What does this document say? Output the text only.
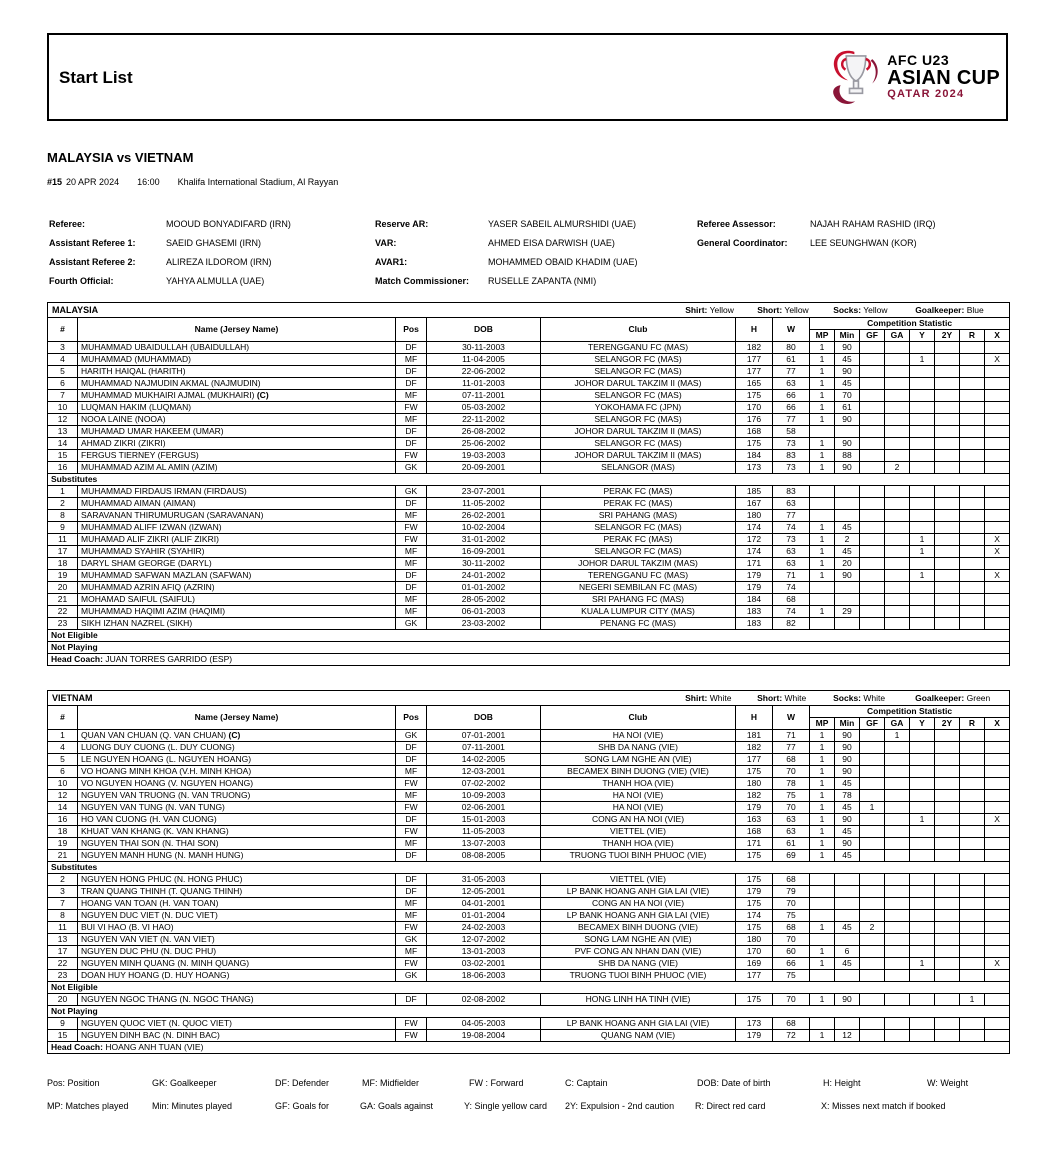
Start List
AFC U23
ASIAN CUP
QATAR 2024
MALAYSIA vs VIETNAM
#15 20 APR 2024 16:00 Khalifa International Stadium, Al Rayyan
Referee:	MOOUD BONYADIFARD (IRN)
Assistant Referee 1:	SAEID GHASEMI (IRN)
Assistant Referee 2:	ALIREZA ILDOROM (IRN)
Fourth Official:	YAHYA ALMULLA (UAE)
Reserve AR:	YASER SABEIL ALMURSHIDI (UAE)
VAR:	AHMED EISA DARWISH (UAE)
AVAR1:	MOHAMMED OBAID KHADIM (UAE)
Match Commissioner: RUSELLE ZAPANTA (NMI)
Referee Assessor:	NAJAH RAHAM RASHID (IRQ)
General Coordinator: LEE SEUNGHWAN (KOR)
MALAYSIA Shirt: Yellow Short: Yellow Socks: Yellow Goalkeeper: Blue														

#	Name (Jersey Name)	Pos	DOB	Club	H	W	Competition Statistic							
							MP	Min	GF	GA	Y	2Y	R	X
3	MUHAMMAD UBAIDULLAH (UBAIDULLAH)	DF	30-11-2003	TERENGGANU FC (MAS)	182	80	1	90						
4	MUHAMMAD (MUHAMMAD)	MF	11-04-2005	SELANGOR FC (MAS)	177	61	1	45			1			X
5	HARITH HAIQAL (HARITH)	DF	22-06-2002	SELANGOR FC (MAS)	177	77	1	90						
6	MUHAMMAD NAJMUDIN AKMAL (NAJMUDIN)	DF	11-01-2003	JOHOR DARUL TAKZIM II (MAS)	165	63	1	45						
7	MUHAMMAD MUKHAIRI AJMAL (MUKHAIRI) (C)	MF	07-11-2001	SELANGOR FC (MAS)	175	66	1	70						
10	LUQMAN HAKIM (LUQMAN)	FW	05-03-2002	YOKOHAMA FC (JPN)	170	66	1	61						
12	NOOA LAINE (NOOA)	MF	22-11-2002	SELANGOR FC (MAS)	176	77	1	90						
13	MUHAMAD UMAR HAKEEM (UMAR)	DF	26-08-2002	JOHOR DARUL TAKZIM II (MAS)	168	58								
14	AHMAD ZIKRI (ZIKRI)	DF	25-06-2002	SELANGOR FC (MAS)	175	73	1	90						
15	FERGUS TIERNEY (FERGUS)	FW	19-03-2003	JOHOR DARUL TAKZIM II (MAS)	184	83	1	88						
16	MUHAMMAD AZIM AL AMIN (AZIM)	GK	20-09-2001	SELANGOR (MAS)	173	73	1	90		2				
Substitutes														
1	MUHAMMAD FIRDAUS IRMAN (FIRDAUS)	GK	23-07-2001	PERAK FC (MAS)	185	83								
2	MUHAMMAD AIMAN (AIMAN)	DF	11-05-2002	PERAK FC (MAS)	167	63								
8	SARAVANAN THIRUMURUGAN (SARAVANAN)	MF	26-02-2001	SRI PAHANG (MAS)	180	77								
9	MUHAMMAD ALIFF IZWAN (IZWAN)	FW	10-02-2004	SELANGOR FC (MAS)	174	74	1	45						
11	MUHAMAD ALIF ZIKRI (ALIF ZIKRI)	FW	31-01-2002	PERAK FC (MAS)	172	73	1	2			1			X
17	MUHAMMAD SYAHIR (SYAHIR)	MF	16-09-2001	SELANGOR FC (MAS)	174	63	1	45			1			X
18	DARYL SHAM GEORGE (DARYL)	MF	30-11-2002	JOHOR DARUL TAKZIM (MAS)	171	63	1	20						
19	MUHAMMAD SAFWAN MAZLAN (SAFWAN)	DF	24-01-2002	TERENGGANU FC (MAS)	179	71	1	90			1			X
20	MUHAMMAD AZRIN AFIQ (AZRIN)	DF	01-01-2002	NEGERI SEMBILAN FC (MAS)	179	74								
21	MOHAMAD SAIFUL (SAIFUL)	MF	28-05-2002	SRI PAHANG FC (MAS)	184	68								
22	MUHAMMAD HAQIMI AZIM (HAQIMI)	MF	06-01-2003	KUALA LUMPUR CITY (MAS)	183	74	1	29						
23	SIKH IZHAN NAZREL (SIKH)	GK	23-03-2002	PENANG FC (MAS)	183	82								
Not Eligible														
Not Playing														
Head Coach: JUAN TORRES GARRIDO (ESP)														
VIETNAM Shirt: White Short: White Socks: White Goalkeeper: Green														

#	Name (Jersey Name)	Pos	DOB	Club	H	W	Competition Statistic							
							MP	Min	GF	GA	Y	2Y	R	X
1	QUAN VAN CHUAN (Q. VAN CHUAN) (C)	GK	07-01-2001	HA NOI (VIE)	181	71	1	90		1				
4	LUONG DUY CUONG (L. DUY CUONG)	DF	07-11-2001	SHB DA NANG (VIE)	182	77	1	90						
5	LE NGUYEN HOANG (L. NGUYEN HOANG)	DF	14-02-2005	SONG LAM NGHE AN (VIE)	177	68	1	90						
6	VO HOANG MINH KHOA (V.H. MINH KHOA)	MF	12-03-2001	BECAMEX BINH DUONG (VIE) (VIE)	175	70	1	90						
10	VO NGUYEN HOANG (V. NGUYEN HOANG)	FW	07-02-2002	THANH HOA (VIE)	180	78	1	45						
12	NGUYEN VAN TRUONG (N. VAN TRUONG)	MF	10-09-2003	HA NOI (VIE)	182	75	1	78						
14	NGUYEN VAN TUNG (N. VAN TUNG)	FW	02-06-2001	HA NOI (VIE)	179	70	1	45	1					
16	HO VAN CUONG (H. VAN CUONG)	DF	15-01-2003	CONG AN HA NOI (VIE)	163	63	1	90			1			X
18	KHUAT VAN KHANG (K. VAN KHANG)	FW	11-05-2003	VIETTEL (VIE)	168	63	1	45						
19	NGUYEN THAI SON (N. THAI SON)	MF	13-07-2003	THANH HOA (VIE)	171	61	1	90						
21	NGUYEN MANH HUNG (N. MANH HUNG)	DF	08-08-2005	TRUONG TUOI BINH PHUOC (VIE)	175	69	1	45						
Substitutes														
2	NGUYEN HONG PHUC (N. HONG PHUC)	DF	31-05-2003	VIETTEL (VIE)	175	68								
3	TRAN QUANG THINH (T. QUANG THINH)	DF	12-05-2001	LP BANK HOANG ANH GIA LAI (VIE)	179	79								
7	HOANG VAN TOAN (H. VAN TOAN)	MF	04-01-2001	CONG AN HA NOI (VIE)	175	70								
8	NGUYEN DUC VIET (N. DUC VIET)	MF	01-01-2004	LP BANK HOANG ANH GIA LAI (VIE)	174	75								
11	BUI VI HAO (B. VI HAO)	FW	24-02-2003	BECAMEX BINH DUONG (VIE)	175	68	1	45	2					
13	NGUYEN VAN VIET (N. VAN VIET)	GK	12-07-2002	SONG LAM NGHE AN (VIE)	180	70								
17	NGUYEN DUC PHU (N. DUC PHU)	MF	13-01-2003	PVF CONG AN NHAN DAN (VIE)	170	60	1	6						
22	NGUYEN MINH QUANG (N. MINH QUANG)	FW	03-02-2001	SHB DA NANG (VIE)	169	66	1	45			1			X
23	DOAN HUY HOANG (D. HUY HOANG)	GK	18-06-2003	TRUONG TUOI BINH PHUOC (VIE)	177	75								
Not Eligible														
20	NGUYEN NGOC THANG (N. NGOC THANG)	DF	02-08-2002	HONG LINH HA TINH (VIE)	175	70	1	90					1	
Not Playing														
9	NGUYEN QUOC VIET (N. QUOC VIET)	FW	04-05-2003	LP BANK HOANG ANH GIA LAI (VIE)	173	68								
15	NGUYEN DINH BAC (N. DINH BAC)	FW	19-08-2004	QUANG NAM (VIE)	179	72	1	12						
Head Coach: HOANG ANH TUAN (VIE)														
Pos: Position	GK: Goalkeeper	DF: Defender	MF: Midfielder	FW : Forward	C: Captain	DOB: Date of birth	H: Height	W: Weight
MP: Matches played	Min: Minutes played	GF: Goals for	GA: Goals against	Y: Single yellow card 2Y: Expulsion - 2nd caution R: Direct red card	X: Misses next match if booked
